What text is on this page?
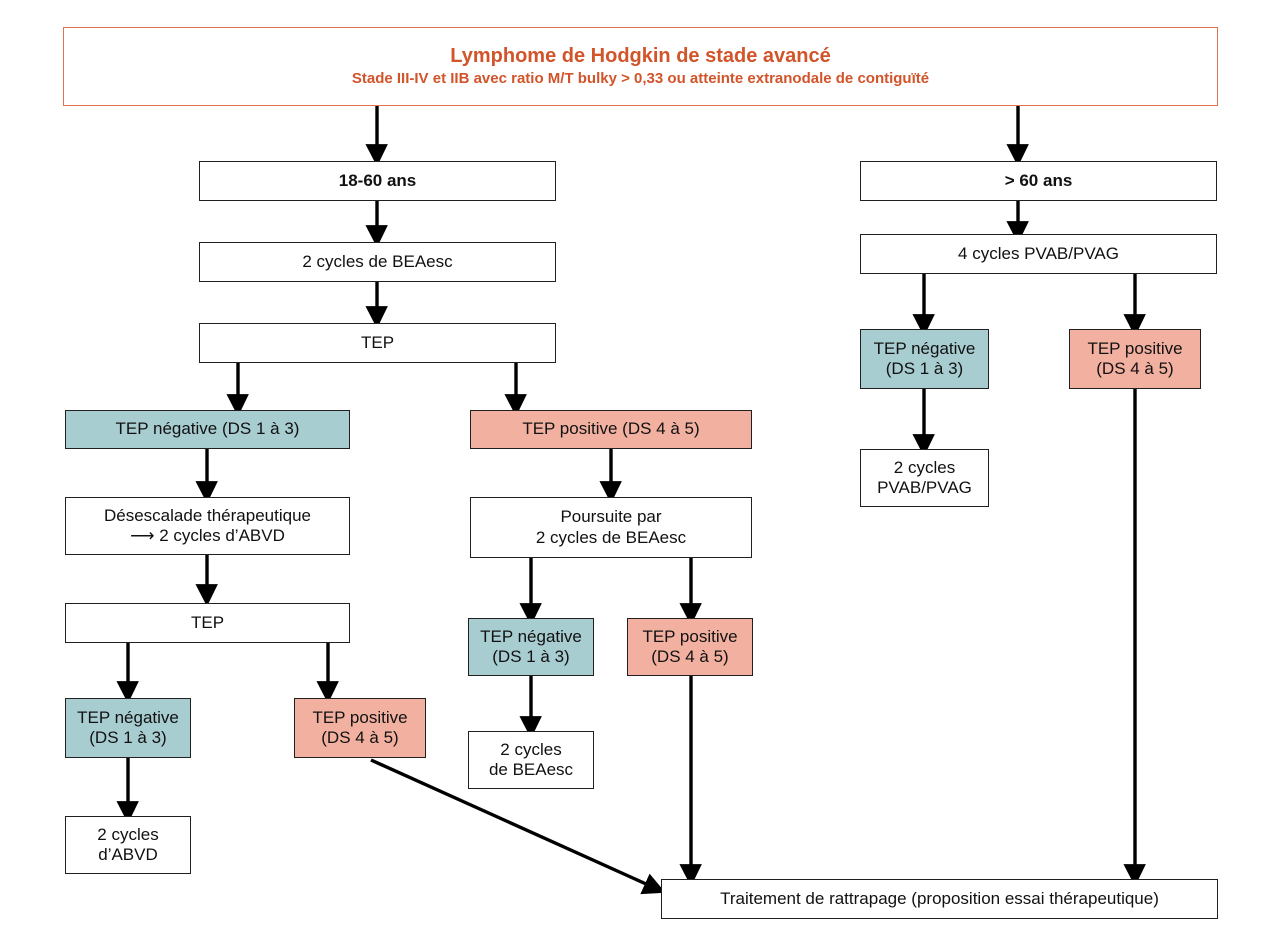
Lymphome de Hodgkin de stade avancé
Stade III-IV et IIB avec ratio M/T bulky > 0,33 ou atteinte extranodale de contiguïté
18-60 ans
2 cycles de BEAesc
TEP
TEP négative (DS 1 à 3)	TEP positive (DS 4 à 5)
Désescalade thérapeutique
⟶ 2 cycles d’ABVD
TEP
TEP négative
(DS 1 à 3)
TEP positive
(DS 4 à 5)
2 cycles
d’ABVD
Poursuite par
2 cycles de BEAesc
TEP négative
(DS 1 à 3)
TEP positive
(DS 4 à 5)
2 cycles
de BEAesc
> 60 ans
4 cycles PVAB/PVAG
TEP négative
(DS 1 à 3)
TEP positive
(DS 4 à 5)
2 cycles
PVAB/PVAG
Traitement de rattrapage (proposition essai thérapeutique)
